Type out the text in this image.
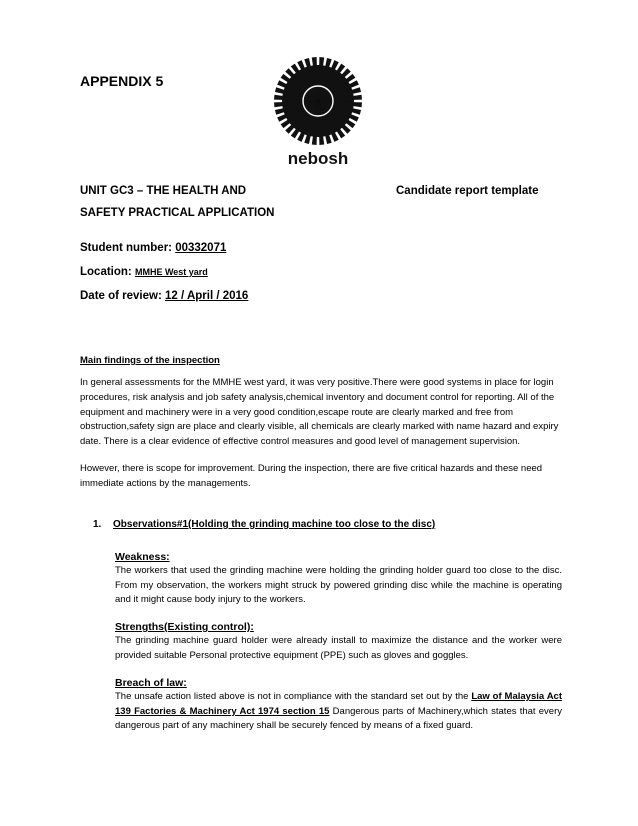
APPENDIX 5
nebosh
UNIT GC3 – THE HEALTH AND	Candidate report template
SAFETY PRACTICAL APPLICATION
Student number: 00332071
Location: MMHE West yard
Date of review: 12 / April / 2016
Main findings of the inspection
In general assessments for the MMHE west yard, it was very positive.There were good systems in place for login procedures, risk analysis and job safety analysis,chemical inventory and document control for reporting. All of the equipment and machinery were in a very good condition,escape route are clearly marked and free from obstruction,safety sign are place and clearly visible, all chemicals are clearly marked with name hazard and expiry date. There is a clear evidence of effective control measures and good level of management supervision.
However, there is scope for improvement. During the inspection, there are five critical hazards and these need immediate actions by the managements.
1. Observations#1(Holding the grinding machine too close to the disc)
Weakness:
The workers that used the grinding machine were holding the grinding holder guard too close to the disc. From my observation, the workers might struck by powered grinding disc while the machine is operating and it might cause body injury to the workers.
Strengths(Existing control):
The grinding machine guard holder were already install to maximize the distance and the worker were provided suitable Personal protective equipment (PPE) such as gloves and goggles.
Breach of law:
The unsafe action listed above is not in compliance with the standard set out by the Law of Malaysia Act 139 Factories & Machinery Act 1974 section 15 Dangerous parts of Machinery,which states that every dangerous part of any machinery shall be securely fenced by means of a fixed guard.
